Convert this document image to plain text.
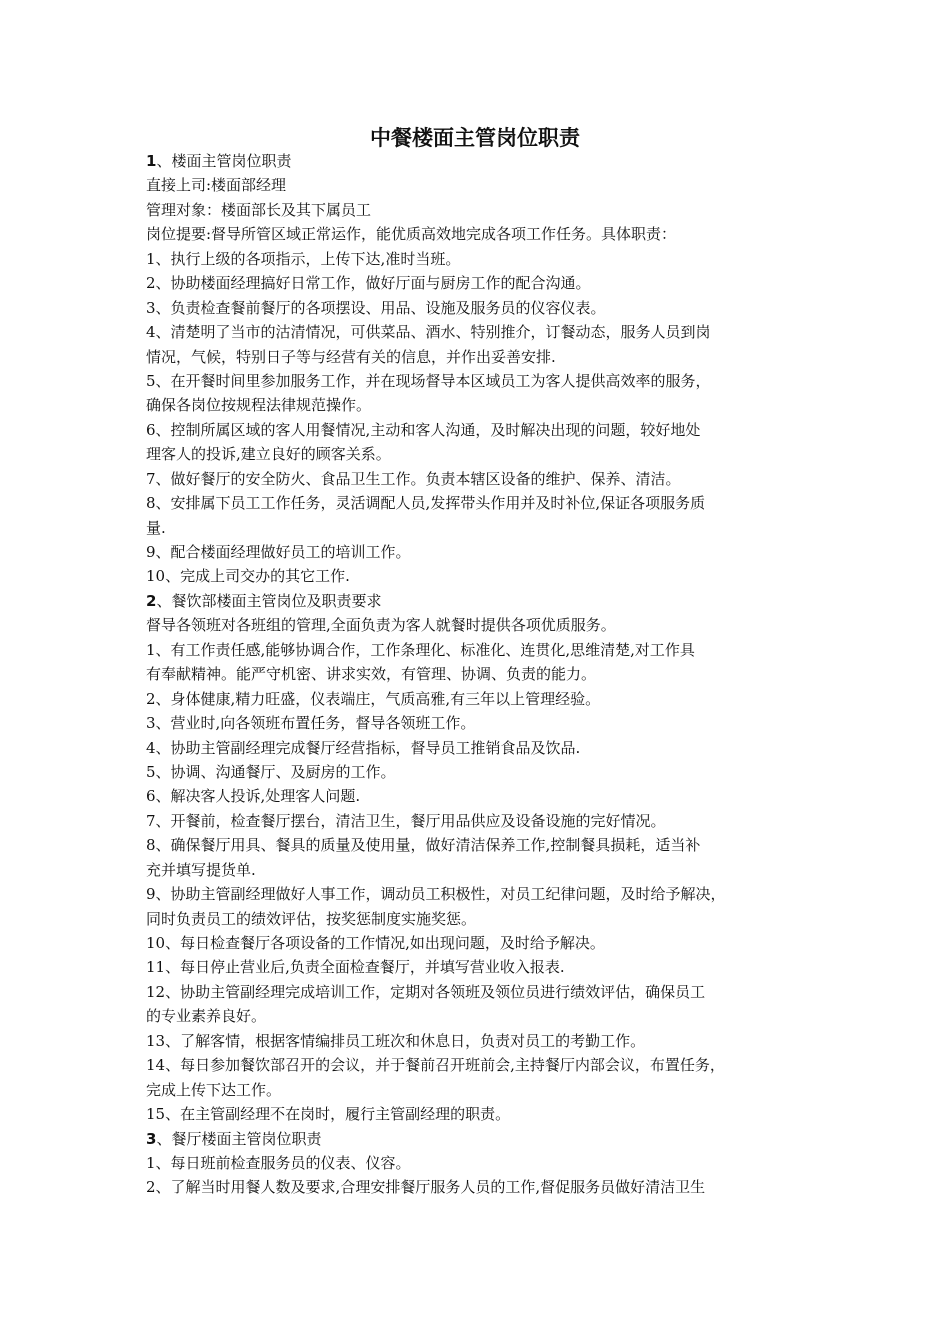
中餐楼面主管岗位职责
1、楼面主管岗位职责
直接上司:楼面部经理
管理对象：楼面部长及其下属员工
岗位提要:督导所管区域正常运作，能优质高效地完成各项工作任务。具体职责：
1、执行上级的各项指示，上传下达,准时当班。
2、协助楼面经理搞好日常工作，做好厅面与厨房工作的配合沟通。
3、负责检查餐前餐厅的各项摆设、用品、设施及服务员的仪容仪表。
4、清楚明了当市的沽清情况，可供菜品、酒水、特别推介，订餐动态，服务人员到岗
情况，气候，特别日子等与经营有关的信息，并作出妥善安排.
5、在开餐时间里参加服务工作，并在现场督导本区域员工为客人提供高效率的服务，
确保各岗位按规程法律规范操作。
6、控制所属区域的客人用餐情况,主动和客人沟通，及时解决出现的问题，较好地处
理客人的投诉,建立良好的顾客关系。
7、做好餐厅的安全防火、食品卫生工作。负责本辖区设备的维护、保养、清洁。
8、安排属下员工工作任务，灵活调配人员,发挥带头作用并及时补位,保证各项服务质
量.
9、配合楼面经理做好员工的培训工作。
10、完成上司交办的其它工作.
2、餐饮部楼面主管岗位及职责要求
督导各领班对各班组的管理,全面负责为客人就餐时提供各项优质服务。
1、有工作责任感,能够协调合作，工作条理化、标准化、连贯化,思维清楚,对工作具
有奉献精神。能严守机密、讲求实效，有管理、协调、负责的能力。
2、身体健康,精力旺盛，仪表端庄，气质高雅,有三年以上管理经验。
3、营业时,向各领班布置任务，督导各领班工作。
4、协助主管副经理完成餐厅经营指标，督导员工推销食品及饮品.
5、协调、沟通餐厅、及厨房的工作。
6、解决客人投诉,处理客人问题.
7、开餐前，检查餐厅摆台，清洁卫生，餐厅用品供应及设备设施的完好情况。
8、确保餐厅用具、餐具的质量及使用量，做好清洁保养工作,控制餐具损耗，适当补
充并填写提货单.
9、协助主管副经理做好人事工作，调动员工积极性，对员工纪律问题，及时给予解决，
同时负责员工的绩效评估，按奖惩制度实施奖惩。
10、每日检查餐厅各项设备的工作情况,如出现问题，及时给予解决。
11、每日停止营业后,负责全面检查餐厅，并填写营业收入报表.
12、协助主管副经理完成培训工作，定期对各领班及领位员进行绩效评估，确保员工
的专业素养良好。
13、了解客情，根据客情编排员工班次和休息日，负责对员工的考勤工作。
14、每日参加餐饮部召开的会议，并于餐前召开班前会,主持餐厅内部会议，布置任务，
完成上传下达工作。
15、在主管副经理不在岗时，履行主管副经理的职责。
3、餐厅楼面主管岗位职责
1、每日班前检查服务员的仪表、仪容。
2、了解当时用餐人数及要求,合理安排餐厅服务人员的工作,督促服务员做好清洁卫生
